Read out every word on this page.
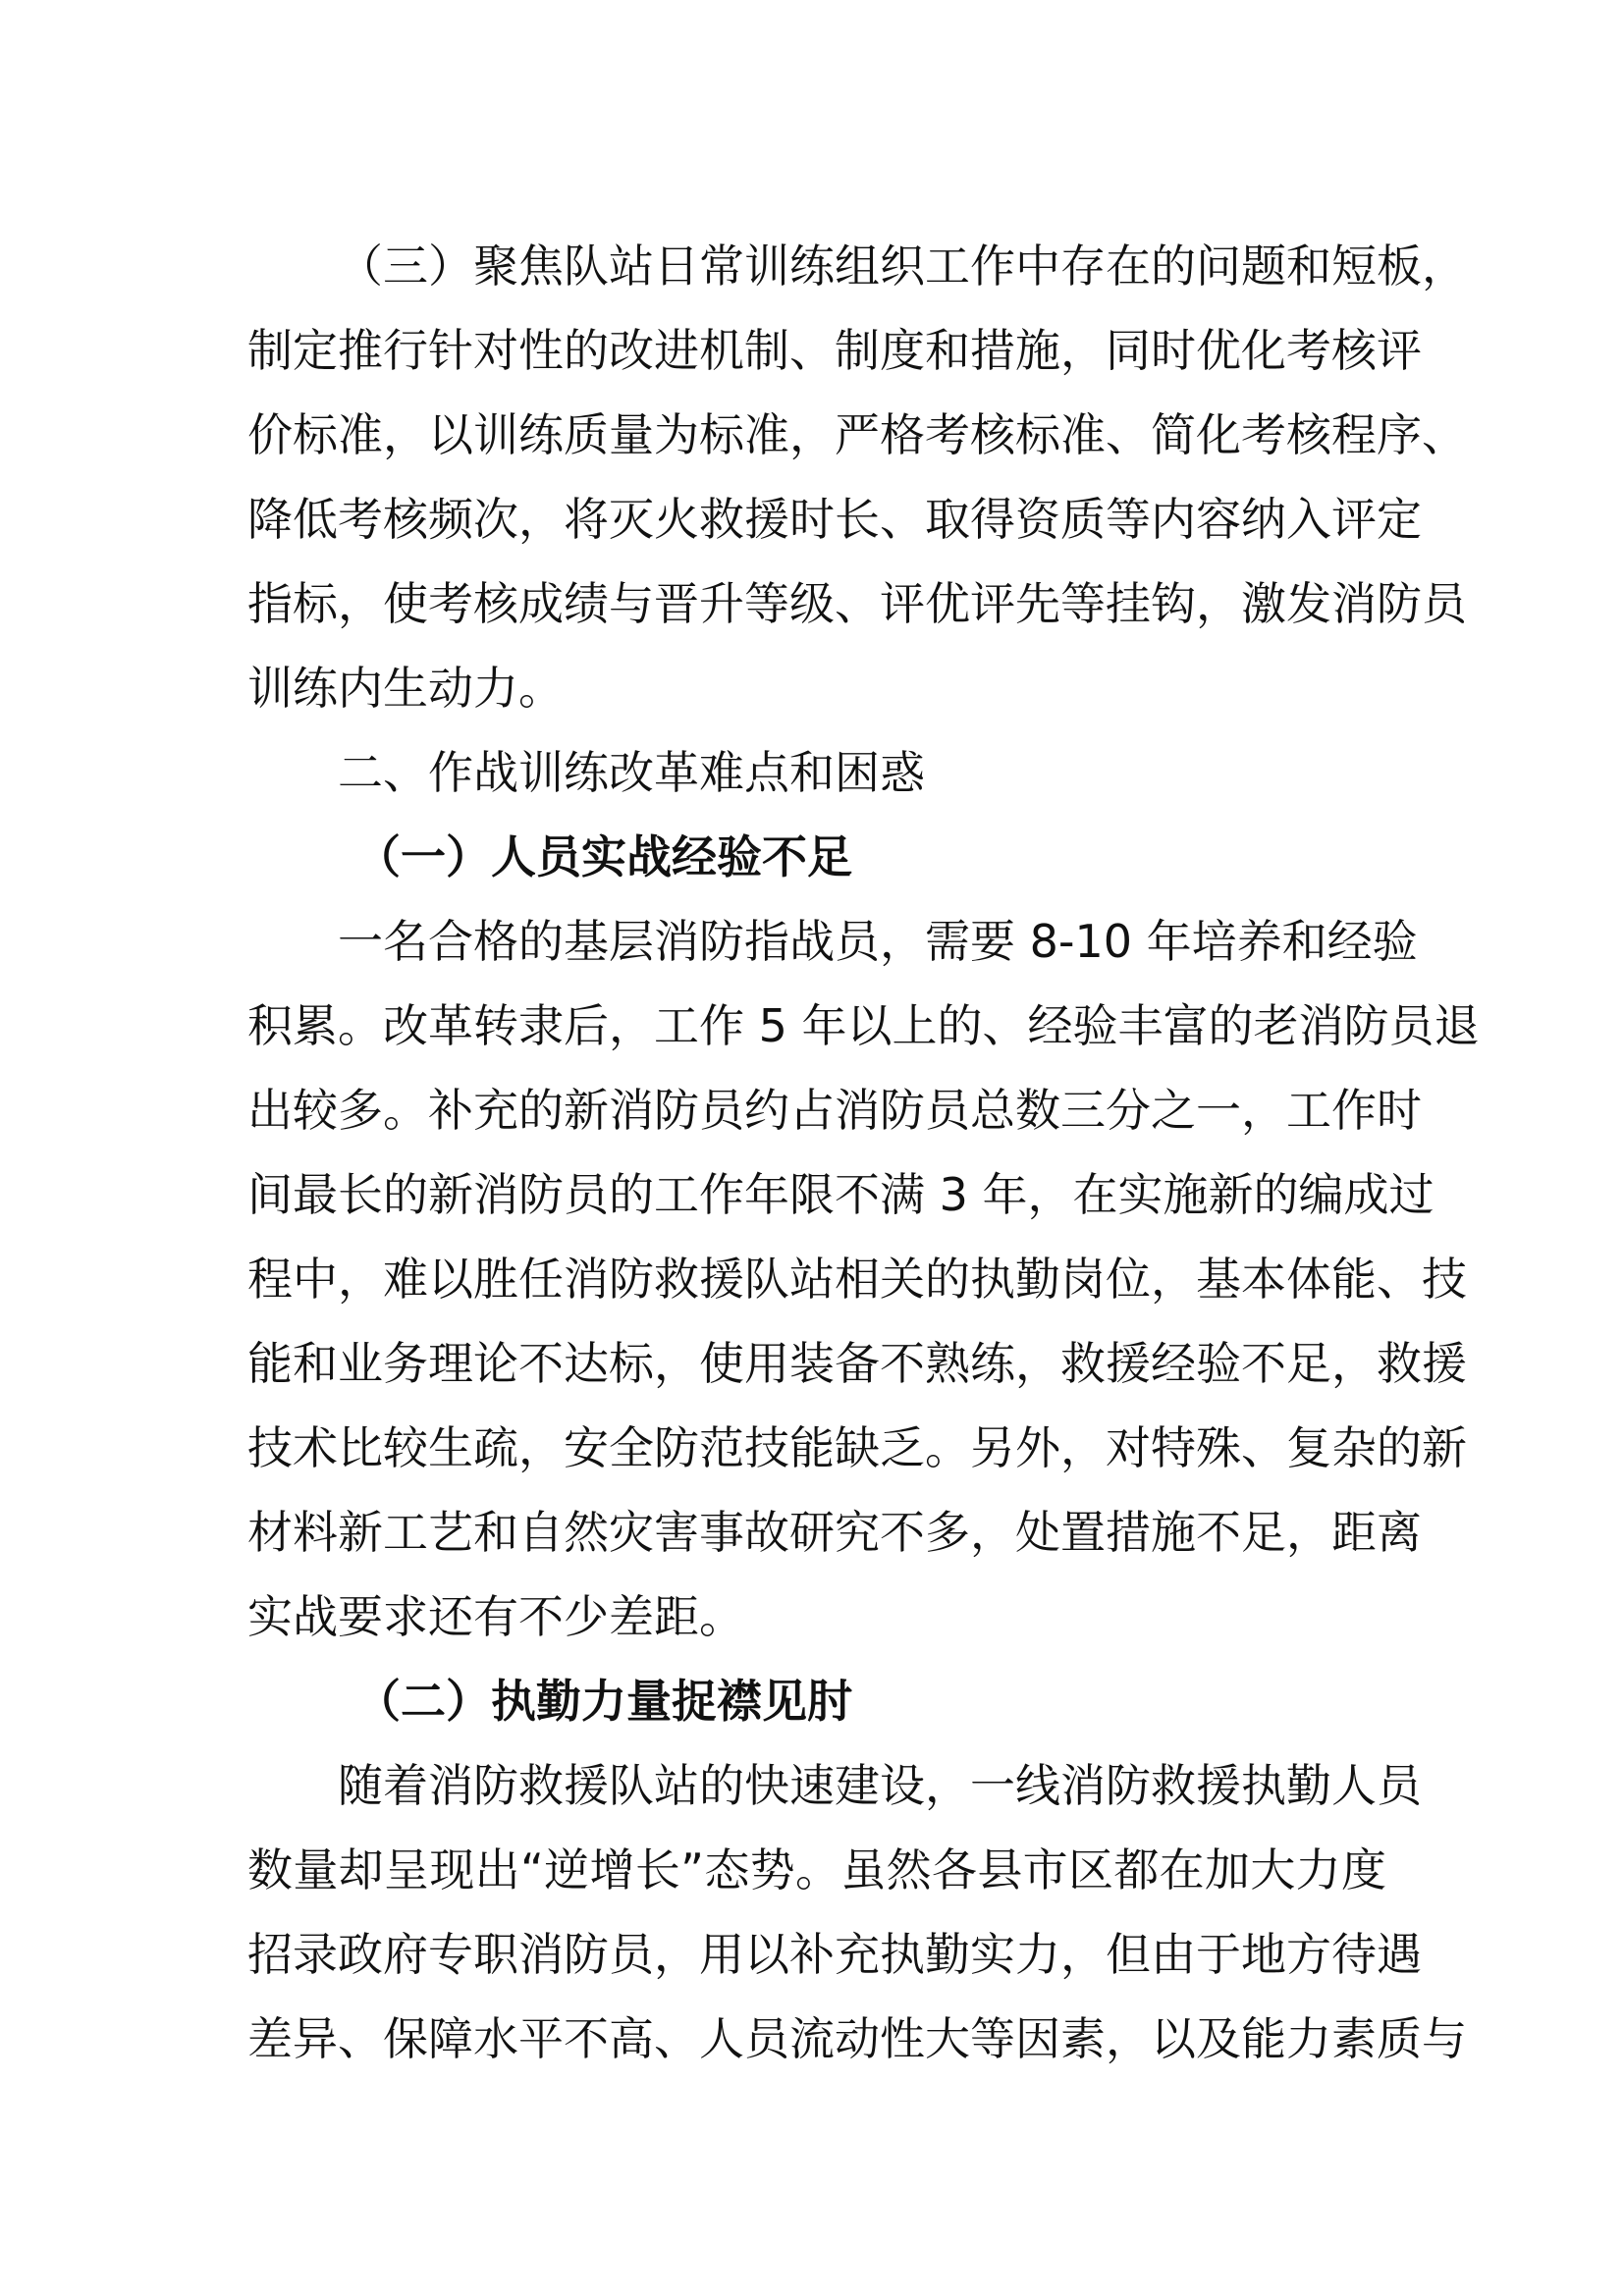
（三）聚焦队站日常训练组织工作中存在的问题和短板，
制定推行针对性的改进机制、制度和措施，同时优化考核评
价标准，以训练质量为标准，严格考核标准、简化考核程序、
降低考核频次，将灭火救援时长、取得资质等内容纳入评定
指标，使考核成绩与晋升等级、评优评先等挂钩，激发消防员
训练内生动力。
二、作战训练改革难点和困惑
（一）人员实战经验不足
一名合格的基层消防指战员，需要 8-10 年培养和经验
积累。改革转隶后，工作 5 年以上的、经验丰富的老消防员退
出较多。补充的新消防员约占消防员总数三分之一，工作时
间最长的新消防员的工作年限不满 3 年，在实施新的编成过
程中，难以胜任消防救援队站相关的执勤岗位，基本体能、技
能和业务理论不达标，使用装备不熟练，救援经验不足，救援
技术比较生疏，安全防范技能缺乏。另外，对特殊、复杂的新
材料新工艺和自然灾害事故研究不多，处置措施不足，距离
实战要求还有不少差距。
（二）执勤力量捉襟见肘
随着消防救援队站的快速建设，一线消防救援执勤人员
数量却呈现出“逆增长”态势。虽然各县市区都在加大力度
招录政府专职消防员，用以补充执勤实力，但由于地方待遇
差异、保障水平不高、人员流动性大等因素，以及能力素质与
